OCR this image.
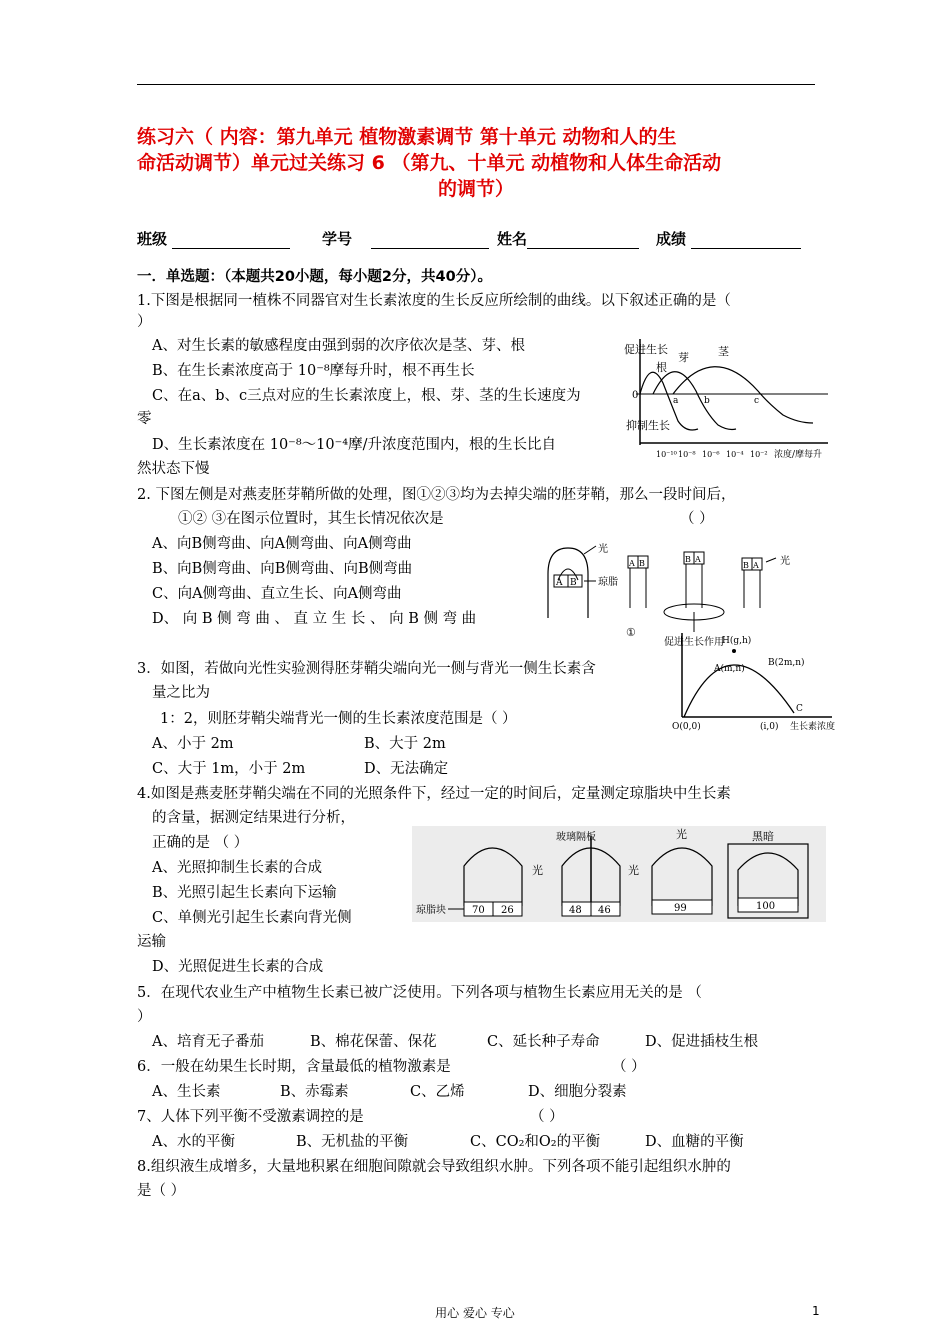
练习六（ 内容：第九单元 植物激素调节 第十单元 动物和人的生
命活动调节）单元过关练习 6 （第九、十单元 动植物和人体生命活动

的调节）
班级	学号	姓名	成绩
一．单选题：（本题共20小题，每小题2分，共40分）。
1.下图是根据同一植株不同器官对生长素浓度的生长反应所绘制的曲线。以下叙述正确的是（
）
A、对生长素的敏感程度由强到弱的次序依次是茎、芽、根
B、在生长素浓度高于 10⁻⁸摩每升时，根不再生长
C、在a、b、c三点对应的生长素浓度上，根、芽、茎的生长速度为
零
D、生长素浓度在 10⁻⁸～10⁻⁴摩/升浓度范围内，根的生长比自
然状态下慢
促进生长
0
根
芽	茎
a	b	c
抑制生长
10⁻¹⁰ 10⁻⁸ 10⁻⁶ 10⁻⁴ 10⁻² 浓度/摩每升
2. 下图左侧是对燕麦胚芽鞘所做的处理，图①②③均为去掉尖端的胚芽鞘，那么一段时间后，
①② ③在图示位置时，其生长情况依次是	（ ）
A、向B侧弯曲、向A侧弯曲、向A侧弯曲
B、向B侧弯曲、向B侧弯曲、向B侧弯曲
C、向A侧弯曲、直立生长、向A侧弯曲
D、 向 B 侧 弯 曲 、 直 立 生 长 、 向 B 侧 弯 曲
A B
光
琼脂
A B	B A
B A 光
①
3．如图，若做向光性实验测得胚芽鞘尖端向光一侧与背光一侧生长素含
量之比为
1：2，则胚芽鞘尖端背光一侧的生长素浓度范围是（ ）
A、小于 2m	B、大于 2m
C、大于 1m，小于 2m	D、无法确定
促进生长作用
H(g,h)
A(m,n)
B(2m,n)
C
O(0,0)	(i,0) 生长素浓度
4.如图是燕麦胚芽鞘尖端在不同的光照条件下，经过一定的时间后，定量测定琼脂块中生长素
的含量，据测定结果进行分析，
正确的是 （ ）
A、光照抑制生长素的合成
B、光照引起生长素向下运输
C、单侧光引起生长素向背光侧
运输
D、光照促进生长素的合成
70 26
琼脂块
光
48 46
玻璃隔板
光
99
光
100
黑暗
5．在现代农业生产中植物生长素已被广泛使用。下列各项与植物生长素应用无关的是 （
）
A、培育无子番茄	B、棉花保蕾、保花	C、延长种子寿命	D、促进插枝生根
6．一般在幼果生长时期，含量最低的植物激素是	（ ）
A、生长素	B、赤霉素	C、乙烯	D、细胞分裂素
7、人体下列平衡不受激素调控的是	（ ）
A、水的平衡	B、无机盐的平衡	C、CO₂和O₂的平衡	D、血糖的平衡
8.组织液生成增多，大量地积累在细胞间隙就会导致组织水肿。下列各项不能引起组织水肿的
是（ ）
用心 爱心 专心	1
